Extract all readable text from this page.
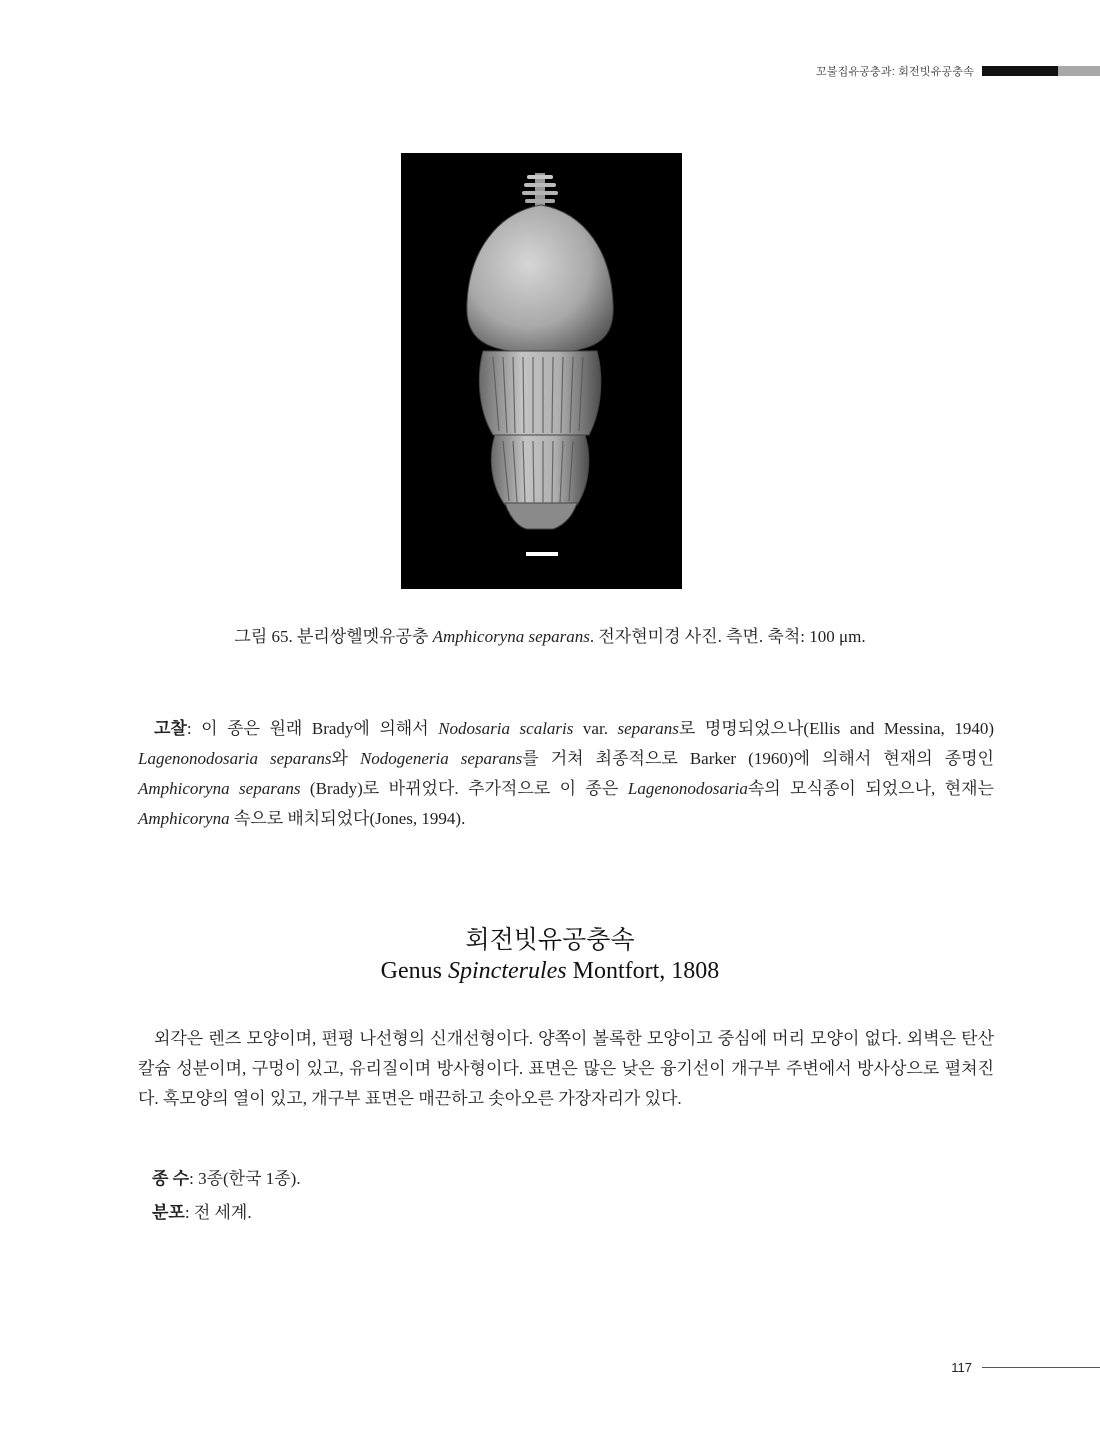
꼬불집유공충과: 회전빗유공충속
그림 65. 분리쌍헬멧유공충 Amphicoryna separans. 전자현미경 사진. 측면. 축척: 100 μm.

고찰: 이 종은 원래 Brady에 의해서 Nodosaria scalaris var. separans로 명명되었으나(Ellis and Messina, 1940) Lagenonodosaria separans와 Nodogeneria separans를 거쳐 최종적으로 Barker (1960)에 의해서 현재의 종명인 Amphicoryna separans (Brady)로 바뀌었다. 추가적으로 이 종은 Lagenonodosaria속의 모식종이 되었으나, 현재는 Amphicoryna 속으로 배치되었다(Jones, 1994).

회전빗유공충속
Genus Spincterules Montfort, 1808

외각은 렌즈 모양이며, 편평 나선형의 신개선형이다. 양쪽이 볼록한 모양이고 중심에 머리 모양이 없다. 외벽은 탄산칼슘 성분이며, 구멍이 있고, 유리질이며 방사형이다. 표면은 많은 낮은 융기선이 개구부 주변에서 방사상으로 펼쳐진다. 혹모양의 열이 있고, 개구부 표면은 매끈하고 솟아오른 가장자리가 있다.

종 수: 3종(한국 1종).
분포: 전 세계.
117
